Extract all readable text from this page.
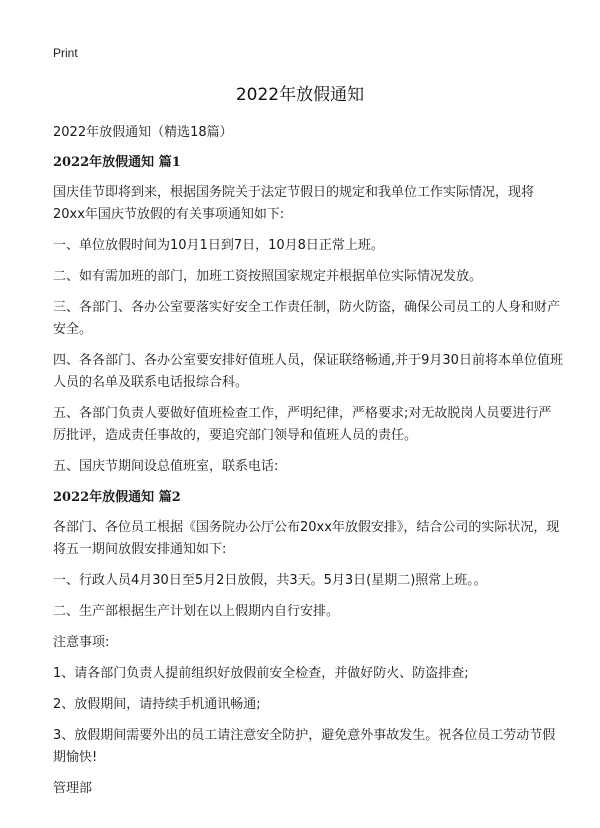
Print
2022年放假通知

2022年放假通知（精选18篇）

2022年放假通知 篇1

国庆佳节即将到来，根据国务院关于法定节假日的规定和我单位工作实际情况，现将20xx年国庆节放假的有关事项通知如下:

一、单位放假时间为10月1日到7日，10月8日正常上班。

二、如有需加班的部门，加班工资按照国家规定并根据单位实际情况发放。

三、各部门、各办公室要落实好安全工作责任制，防火防盗，确保公司员工的人身和财产安全。

四、各各部门、各办公室要安排好值班人员，保证联络畅通,并于9月30日前将本单位值班人员的名单及联系电话报综合科。

五、各部门负责人要做好值班检查工作，严明纪律，严格要求;对无故脱岗人员要进行严厉批评，造成责任事故的，要追究部门领导和值班人员的责任。

五、国庆节期间设总值班室，联系电话:

2022年放假通知 篇2

各部门、各位员工根据《国务院办公厅公布20xx年放假安排》，结合公司的实际状况，现将五一期间放假安排通知如下:

一、行政人员4月30日至5月2日放假，共3天。5月3日(星期二)照常上班。。

二、生产部根据生产计划在以上假期内自行安排。

注意事项:

1、请各部门负责人提前组织好放假前安全检查，并做好防火、防盗排查;

2、放假期间，请持续手机通讯畅通;

3、放假期间需要外出的员工请注意安全防护，避免意外事故发生。祝各位员工劳动节假期愉快!

管理部
